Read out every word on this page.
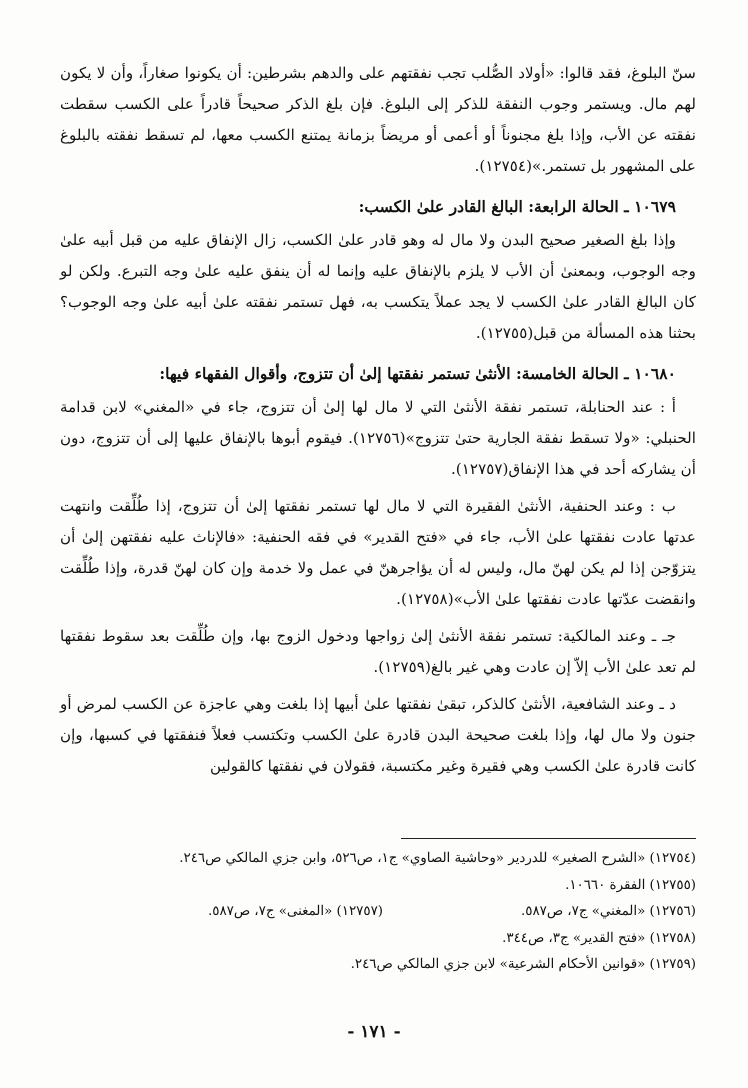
سنّ البلوغ، فقد قالوا: «أولاد الصُّلب تجب نفقتهم على والدهم بشرطين: أن يكونوا صغاراً، وأن لا يكون لهم مال. ويستمر وجوب النفقة للذكر إلى البلوغ. فإن بلغ الذكر صحيحاً قادراً على الكسب سقطت نفقته عن الأب، وإذا بلغ مجنوناً أو أعمى أو مريضاً بزمانة يمتنع الكسب معها، لم تسقط نفقته بالبلوغ على المشهور بل تستمر.»(١٢٧٥٤).

١٠٦٧٩ ـ الحالة الرابعة: البالغ القادر علىٰ الكسب:

وإذا بلغ الصغير صحيح البدن ولا مال له وهو قادر علىٰ الكسب، زال الإنفاق عليه من قبل أبيه علىٰ وجه الوجوب، وبمعنىٰ أن الأب لا يلزم بالإنفاق عليه وإنما له أن ينفق عليه علىٰ وجه التبرع. ولكن لو كان البالغ القادر علىٰ الكسب لا يجد عملاً يتكسب به، فهل تستمر نفقته علىٰ أبيه علىٰ وجه الوجوب؟ بحثنا هذه المسألة من قبل(١٢٧٥٥).

١٠٦٨٠ ـ الحالة الخامسة: الأنثىٰ تستمر نفقتها إلىٰ أن تتزوج، وأقوال الفقهاء فيها:

أ : عند الحنابلة، تستمر نفقة الأنثىٰ التي لا مال لها إلىٰ أن تتزوج، جاء في «المغني» لابن قدامة الحنبلي: «ولا تسقط نفقة الجارية حتىٰ تتزوج»(١٢٧٥٦). فيقوم أبوها بالإنفاق عليها إلى أن تتزوج، دون أن يشاركه أحد في هذا الإنفاق(١٢٧٥٧).

ب : وعند الحنفية، الأنثىٰ الفقيرة التي لا مال لها تستمر نفقتها إلىٰ أن تتزوج، إذا طُلِّقت وانتهت عدتها عادت نفقتها علىٰ الأب، جاء في «فتح القدير» في فقه الحنفية: «فالإناث عليه نفقتهن إلىٰ أن يتزوّجن إذا لم يكن لهنّ مال، وليس له أن يؤاجرهنّ في عمل ولا خدمة وإن كان لهنّ قدرة، وإذا طُلِّقت وانقضت عدّتها عادت نفقتها علىٰ الأب»(١٢٧٥٨).

جـ ـ وعند المالكية: تستمر نفقة الأنثىٰ إلىٰ زواجها ودخول الزوج بها، وإن طُلِّقت بعد سقوط نفقتها لم تعد علىٰ الأب إلاّ إن عادت وهي غير بالغ(١٢٧٥٩).

د ـ وعند الشافعية، الأنثىٰ كالذكر، تبقىٰ نفقتها علىٰ أبيها إذا بلغت وهي عاجزة عن الكسب لمرض أو جنون ولا مال لها، وإذا بلغت صحيحة البدن قادرة علىٰ الكسب وتكتسب فعلاً فنفقتها في كسبها، وإن كانت قادرة علىٰ الكسب وهي فقيرة وغير مكتسبة، فقولان في نفقتها كالقولين

(١٢٧٥٤) «الشرح الصغير» للدردير «وحاشية الصاوي» ج١، ص٥٢٦، وابن جزي المالكي ص٢٤٦.

(١٢٧٥٥) الفقرة ١٠٦٦٠.

(١٢٧٥٦) «المغني» ج٧، ص٥٨٧.

(١٢٧٥٧) «المغنى» ج٧، ص٥٨٧.

(١٢٧٥٨) «فتح القدير» ج٣، ص٣٤٤.

(١٢٧٥٩) «قوانين الأحكام الشرعية» لابن جزي المالكي ص٢٤٦.

- ١٧١ -
